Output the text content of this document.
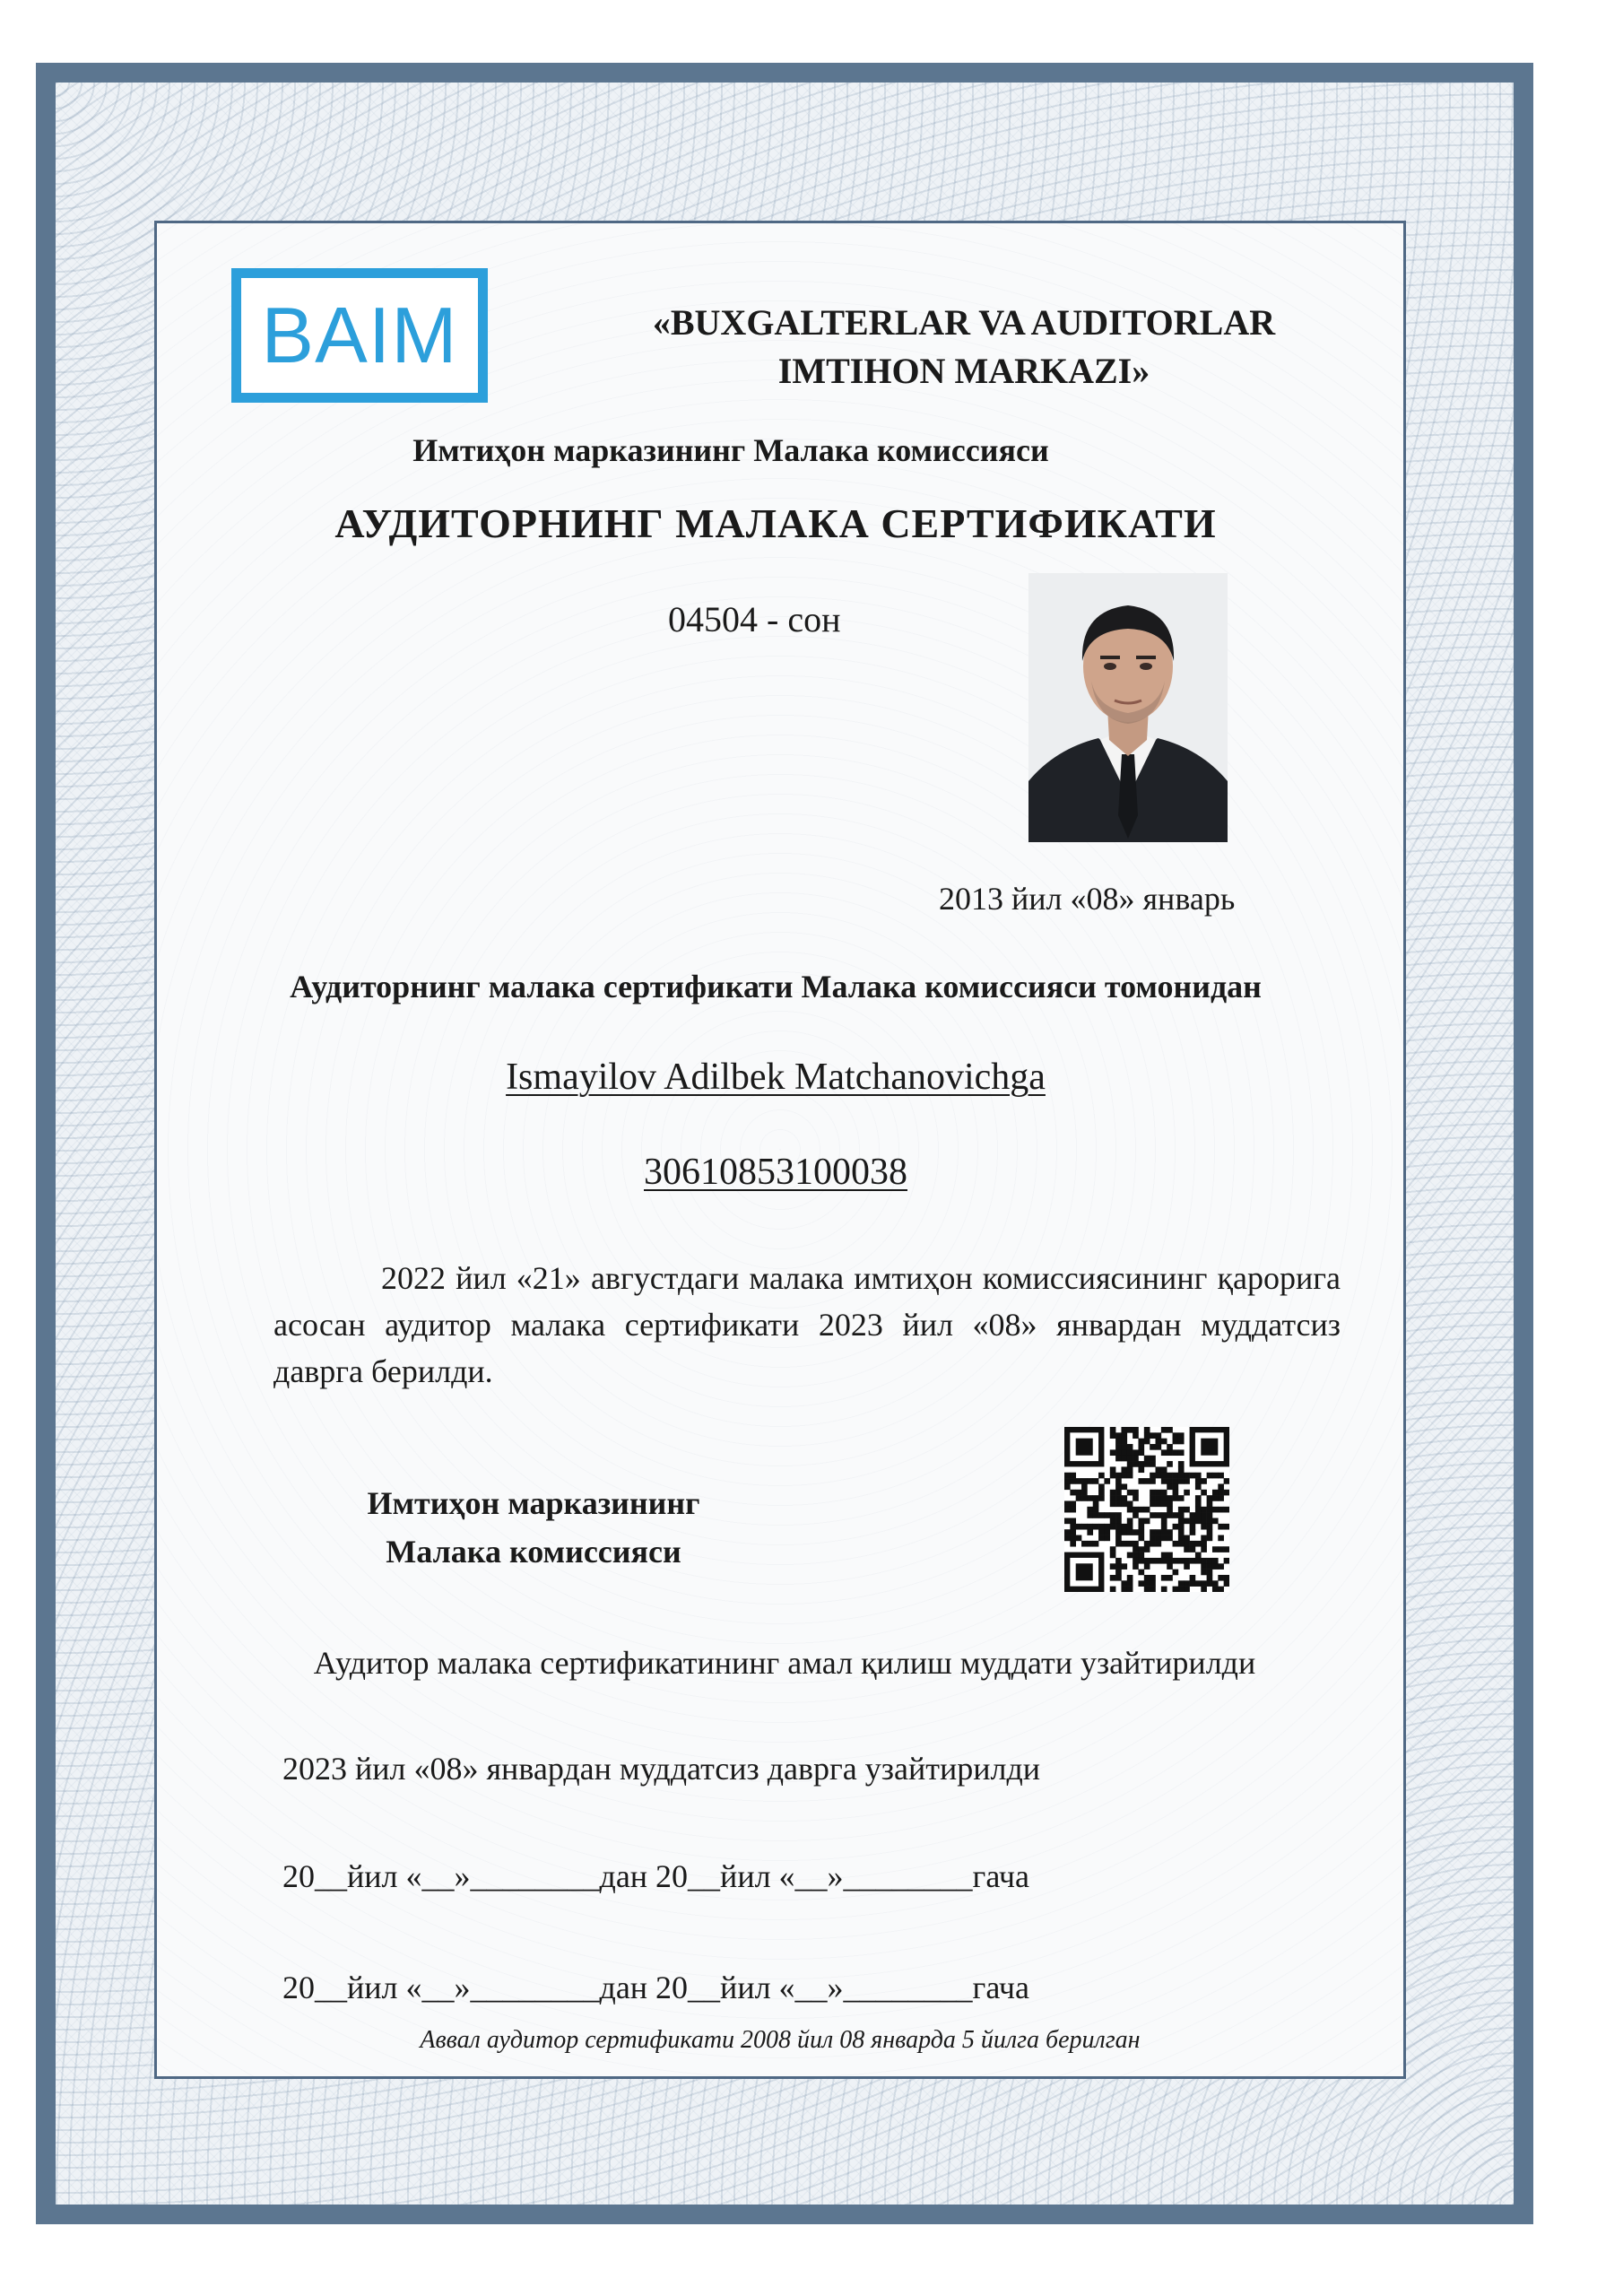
BAIM	«BUXGALTERLAR VA AUDITORLAR
IMTIHON MARKAZI»
Имтиҳон марказининг Малака комиссияси
АУДИТОРНИНГ МАЛАКА СЕРТИФИКАТИ
04504 - сон
2013 йил «08» январь
Аудиторнинг малака сертификати Малака комиссияси томонидан
Ismayilov Adilbek Matchanovichga
30610853100038
2022 йил «21» августдаги малака имтиҳон комиссиясининг қарорига асосан аудитор малака сертификати 2023 йил «08» январдан муддатсиз даврга берилди.
Имтиҳон марказининг
Малака комиссияси
Аудитор малака сертификатининг амал қилиш муддати узайтирилди
2023 йил «08» январдан муддатсиз даврга узайтирилди
20__йил «__»________дан 20__йил «__»________гача
20__йил «__»________дан 20__йил «__»________гача
Аввал аудитор сертификати 2008 йил 08 январда 5 йилга берилган
